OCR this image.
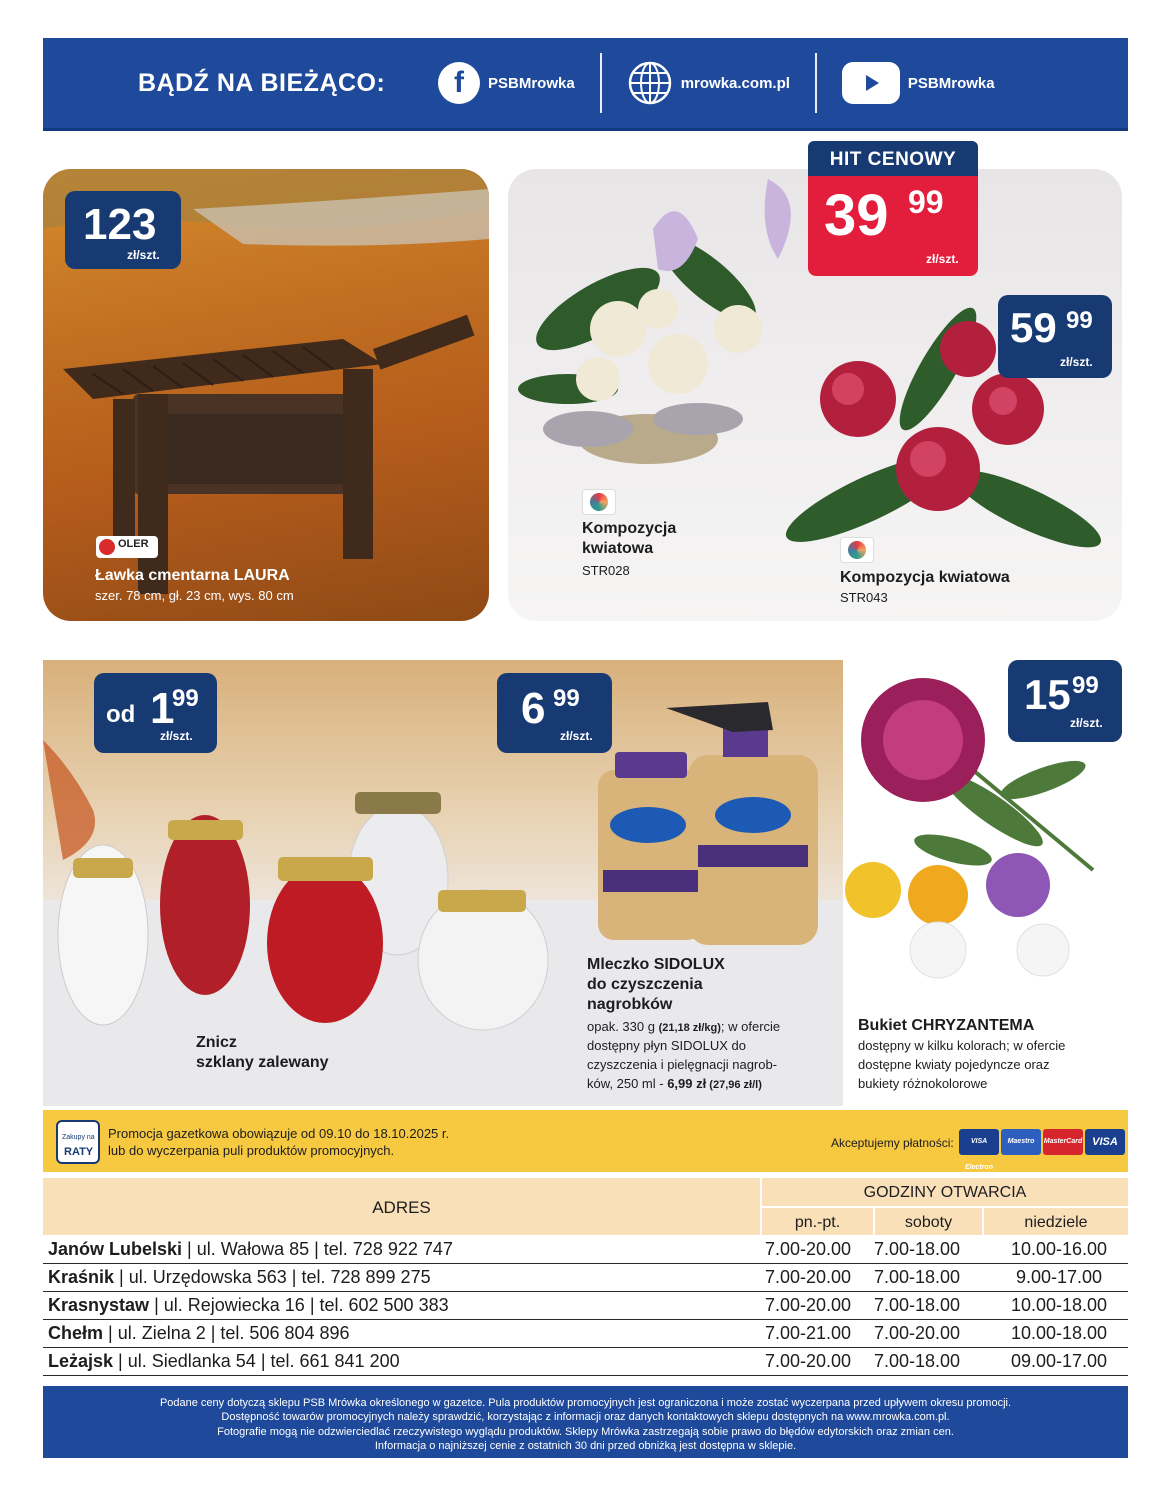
BĄDŹ NA BIEŻĄCO:	f	PSBMrowka	mrowka.com.pl	PSBMrowka
123
zł/szt.
OLER
Ławka cmentarna LAURA
szer. 78 cm, gł. 23 cm, wys. 80 cm
HIT CENOWY
39 99
zł/szt.
59 99
zł/szt.
Kompozycja
kwiatowa
STR028	Kompozycja kwiatowa
STR043
od 1
99
zł/szt.
Znicz
szklany zalewany
6 99
zł/szt.
Mleczko SIDOLUX
do czyszczenia
nagrobków
opak. 330 g (21,18 zł/kg); w ofercie
dostępny płyn SIDOLUX do
czyszczenia i pielęgnacji nagrob-
ków, 250 ml - 6,99 zł (27,96 zł/l)
15 99
zł/szt.
Bukiet CHRYZANTEMA
dostępny w kilku kolorach; w ofercie
dostępne kwiaty pojedyncze oraz
bukiety różnokolorowe
Zakupy na
RATY
Promocja gazetkowa obowiązuje od 09.10 do 18.10.2025 r.
lub do wyczerpania puli produktów promocyjnych.	Akceptujemy płatności:	VISA Electron
Maestro	MasterCard VISA
ADRES
GODZINY OTWARCIA
pn.-pt.	soboty	niedziele
Janów Lubelski | ul. Wałowa 85 | tel. 728 922 747	7.00-20.00	7.00-18.00	10.00-16.00
Kraśnik | ul. Urzędowska 563 | tel. 728 899 275	7.00-20.00	7.00-18.00	9.00-17.00
Krasnystaw | ul. Rejowiecka 16 | tel. 602 500 383	7.00-20.00	7.00-18.00	10.00-18.00
Chełm | ul. Zielna 2 | tel. 506 804 896	7.00-21.00	7.00-20.00	10.00-18.00
Leżajsk | ul. Siedlanka 54 | tel. 661 841 200	7.00-20.00	7.00-18.00	09.00-17.00
Podane ceny dotyczą sklepu PSB Mrówka określonego w gazetce. Pula produktów promocyjnych jest ograniczona i może zostać wyczerpana przed upływem okresu promocji.
Dostępność towarów promocyjnych należy sprawdzić, korzystając z informacji oraz danych kontaktowych sklepu dostępnych na www.mrowka.com.pl.
Fotografie mogą nie odzwierciedlać rzeczywistego wyglądu produktów. Sklepy Mrówka zastrzegają sobie prawo do błędów edytorskich oraz zmian cen.
Informacja o najniższej cenie z ostatnich 30 dni przed obniżką jest dostępna w sklepie.
